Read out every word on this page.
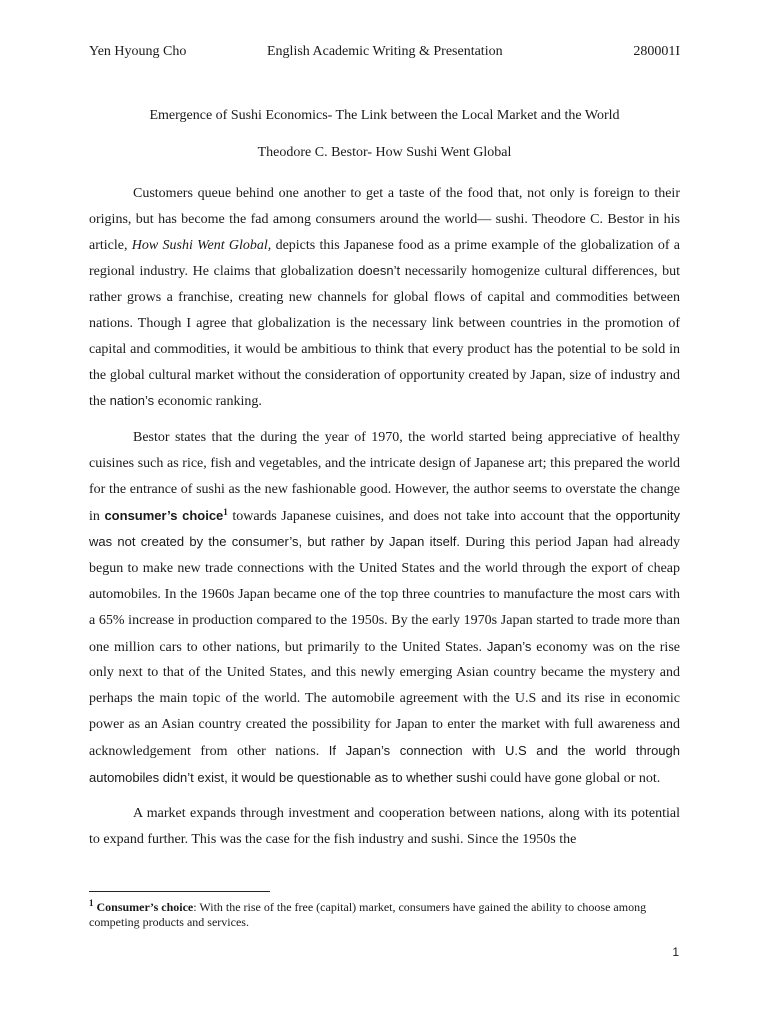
Yen Hyoung Cho	English Academic Writing & Presentation	280001I
Emergence of Sushi Economics- The Link between the Local Market and the World
Theodore C. Bestor- How Sushi Went Global

Customers queue behind one another to get a taste of the food that, not only is foreign to their origins, but has become the fad among consumers around the world— sushi. Theodore C. Bestor in his article, How Sushi Went Global, depicts this Japanese food as a prime example of the globalization of a regional industry. He claims that globalization doesn’t necessarily homogenize cultural differences, but rather grows a franchise, creating new channels for global flows of capital and commodities between nations. Though I agree that globalization is the necessary link between countries in the promotion of capital and commodities, it would be ambitious to think that every product has the potential to be sold in the global cultural market without the consideration of opportunity created by Japan, size of industry and the nation’s economic ranking.

Bestor states that the during the year of 1970, the world started being appreciative of healthy cuisines such as rice, fish and vegetables, and the intricate design of Japanese art; this prepared the world for the entrance of sushi as the new fashionable good. However, the author seems to overstate the change in consumer’s choice$^1$ towards Japanese cuisines, and does not take into account that the opportunity was not created by the consumer’s, but rather by Japan itself. During this period Japan had already begun to make new trade connections with the United States and the world through the export of cheap automobiles. In the 1960s Japan became one of the top three countries to manufacture the most cars with a 65% increase in production compared to the 1950s. By the early 1970s Japan started to trade more than one million cars to other nations, but primarily to the United States. Japan’s economy was on the rise only next to that of the United States, and this newly emerging Asian country became the mystery and perhaps the main topic of the world. The automobile agreement with the U.S and its rise in economic power as an Asian country created the possibility for Japan to enter the market with full awareness and acknowledgement from other nations. If Japan’s connection with U.S and the world through automobiles didn’t exist, it would be questionable as to whether sushi could have gone global or not.

A market expands through investment and cooperation between nations, along with its potential to expand further. This was the case for the fish industry and sushi. Since the 1950s the

$^1$ Consumer’s choice: With the rise of the free (capital) market, consumers have gained the ability to choose among competing products and services.
1
